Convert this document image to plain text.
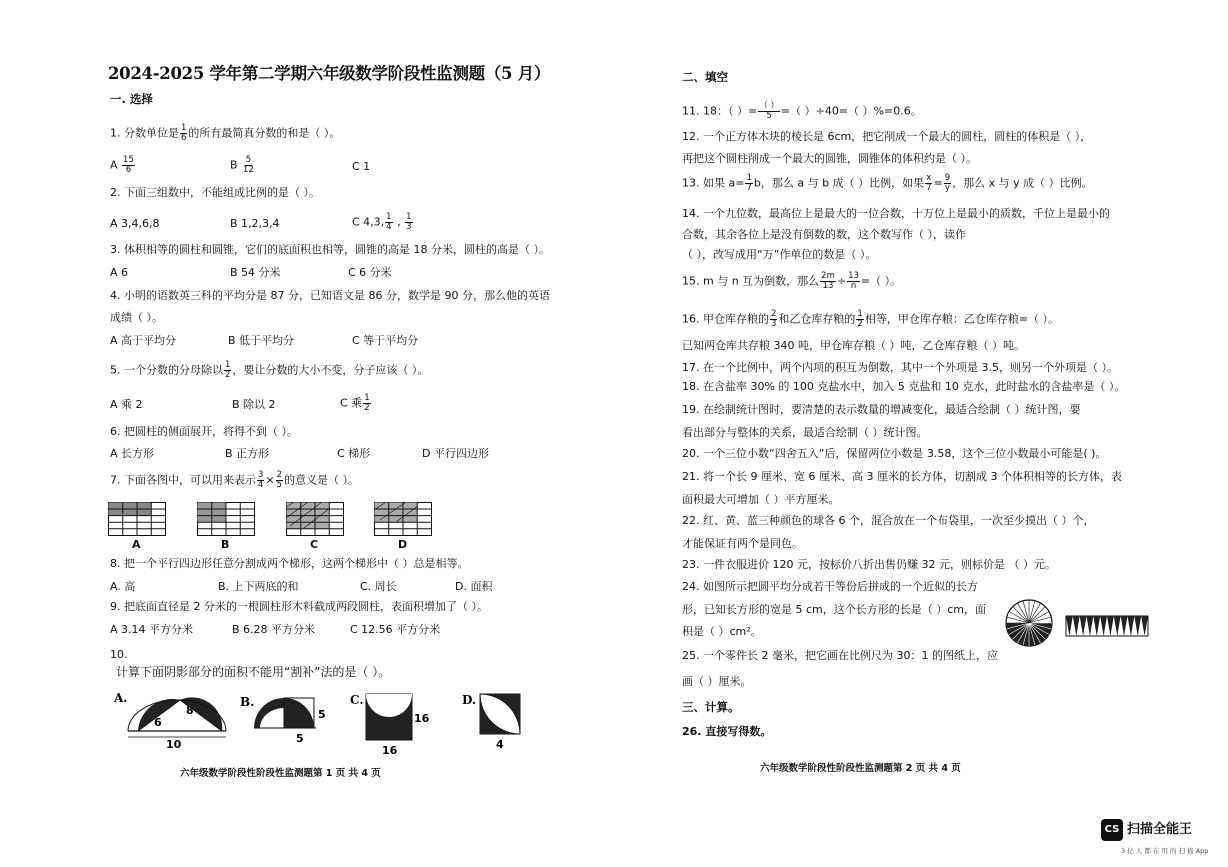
2024-2025 学年第二学期六年级数学阶段性监测题（5 月）
一. 选择
1. 分数单位是 $\frac{1}{6}$ 的所有最简真分数的和是（ ）。
A $\frac{15}{6}$	B $\frac{5}{12}$	C 1
2. 下面三组数中，不能组成比例的是（ ）。
A 3,4,6,8	B 1,2,3,4	C 4,3, $\frac{1}{4}$ , $\frac{1}{3}$
3. 体积相等的圆柱和圆锥，它们的底面积也相等，圆锥的高是 18 分米，圆柱的高是（ ）。
A 6	B 54 分米	C 6 分米
4. 小明的语数英三科的平均分是 87 分，已知语文是 86 分，数学是 90 分，那么他的英语
成绩（ ）。
A 高于平均分	B 低于平均分	C 等于平均分
5. 一个分数的分母除以 $\frac{1}{2}$ ，要让分数的大小不变，分子应该（ ）。
A 乘 2	B 除以 2	C 乘 $\frac{1}{2}$
6. 把圆柱的侧面展开，将得不到（ ）。
A 长方形	B 正方形	C 梯形	D 平行四边形
7. 下面各图中，可以用来表示 $\frac{3}{4} \times \frac{2}{5}$ 的意义是（ ）。
A	B	C	D
8. 把一个平行四边形任意分割成两个梯形，这两个梯形中（ ）总是相等。
A. 高	B. 上下两底的和	C. 周长	D. 面积
9. 把底面直径是 2 分米的一根圆柱形木料截成两段圆柱，表面积增加了（ ）。
A 3.14 平方分米	B 6.28 平方分米	C 12.56 平方分米
10.
计算下面阴影部分的面积不能用“割补”法的是（ ）。
A.
6
8
10
B.
5
5
C.
16
16
D.
4
六年级数学阶段性阶段性监测题第 1 页 共 4 页
二、填空
11. 18：（ ）= $\frac{( )}{5}$ =（ ）÷40=（ ）%=0.6。
12. 一个正方体木块的棱长是 6cm，把它削成一个最大的圆柱，圆柱的体积是（ ），
再把这个圆柱削成一个最大的圆锥，圆锥体的体积约是（ ）。
13. 如果 $a= \frac{1}{7}$ b，那么 a 与 b 成（ ）比例，如果 $\frac{x}{7} = \frac{9}{y}$ ，那么 x 与 y 成（ ）比例。
14. 一个九位数，最高位上是最大的一位合数，十万位上是最小的质数，千位上是最小的
合数，其余各位上是没有倒数的数，这个数写作（ ），读作
（ ），改写成用“万”作单位的数是（ ）。
15. m 与 n 互为倒数，那么 $\frac{2m}{13} \div \frac{13}{n}$ =（ ）。
16. 甲仓库存粮的 $\frac{2}{3}$ 和乙仓库存粮的 $\frac{1}{2}$ 相等，甲仓库存粮：乙仓库存粮=（ ）。
已知两仓库共存粮 340 吨，甲仓库存粮（ ）吨，乙仓库存粮（ ）吨。
17. 在一个比例中，两个内项的积互为倒数，其中一个外项是 3.5，则另一个外项是（ ）。
18. 在含盐率 30% 的 100 克盐水中，加入 5 克盐和 10 克水，此时盐水的含盐率是（ ）。
19. 在绘制统计图时，要清楚的表示数量的增减变化，最适合绘制（ ）统计图，要
看出部分与整体的关系，最适合绘制（ ）统计图。
20. 一个三位小数“四舍五入”后，保留两位小数是 3.58，这个三位小数最小可能是( )。
21. 将一个长 9 厘米、宽 6 厘米、高 3 厘米的长方体，切割成 3 个体积相等的长方体，表
面积最大可增加（ ）平方厘米。
22. 红、黄、蓝三种颜色的球各 6 个，混合放在一个布袋里，一次至少摸出（ ）个，
才能保证有两个是同色。
23. 一件衣服进价 120 元，按标价八折出售仍赚 32 元，则标价是 （ ）元。
24. 如图所示把圆平均分成若干等份后拼成的一个近似的长方
形，已知长方形的宽是 5 cm，这个长方形的长是（ ）cm，面
积是（ ）cm²。
25. 一个零件长 2 毫米，把它画在比例尺为 30：1 的图纸上，应
画（ ）厘米。
三、计算。
26. 直接写得数。
六年级数学阶段性阶段性监测题第 2 页 共 4 页
CS 扫描全能王
3 亿 人 都 在 用 的 扫 描 App
